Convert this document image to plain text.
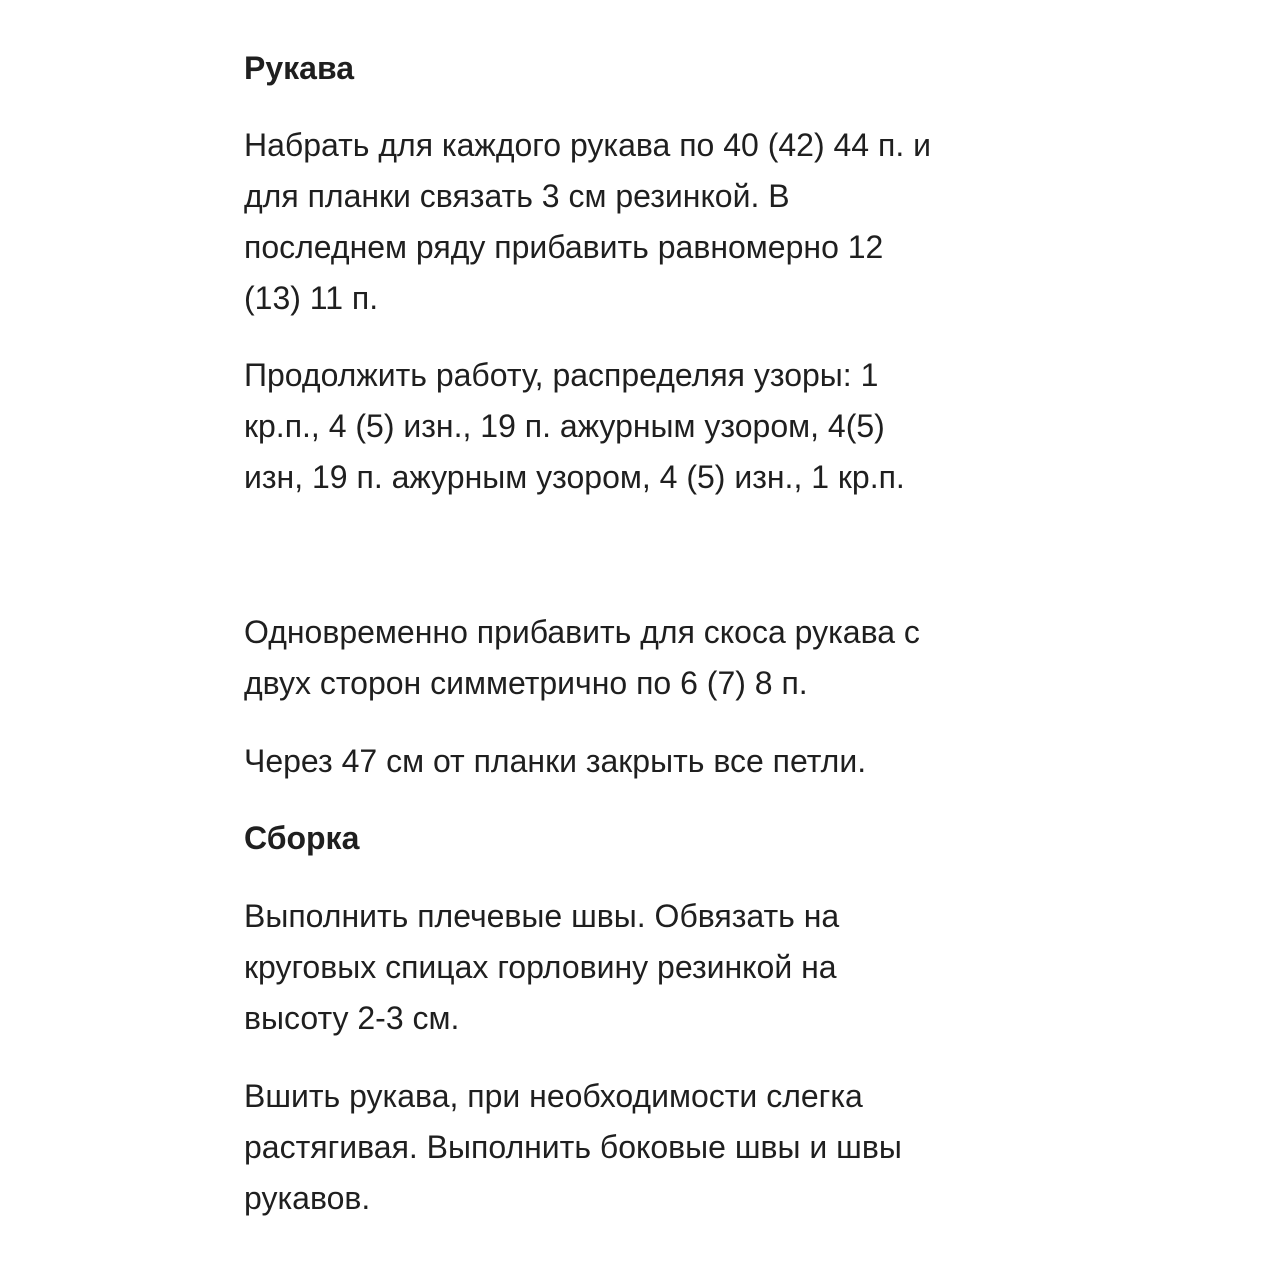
Рукава

Набрать для каждого рукава по 40 (42) 44 п. и
для планки связать 3 см резинкой. В
последнем ряду прибавить равномерно 12
(13) 11 п.

Продолжить работу, распределяя узоры: 1
кр.п., 4 (5) изн., 19 п. ажурным узором, 4(5)
изн, 19 п. ажурным узором, 4 (5) изн., 1 кр.п.

Одновременно прибавить для скоса рукава с
двух сторон симметрично по 6 (7) 8 п.

Через 47 см от планки закрыть все петли.

Сборка

Выполнить плечевые швы. Обвязать на
круговых спицах горловину резинкой на
высоту 2-3 см.

Вшить рукава, при необходимости слегка
растягивая. Выполнить боковые швы и швы
рукавов.
